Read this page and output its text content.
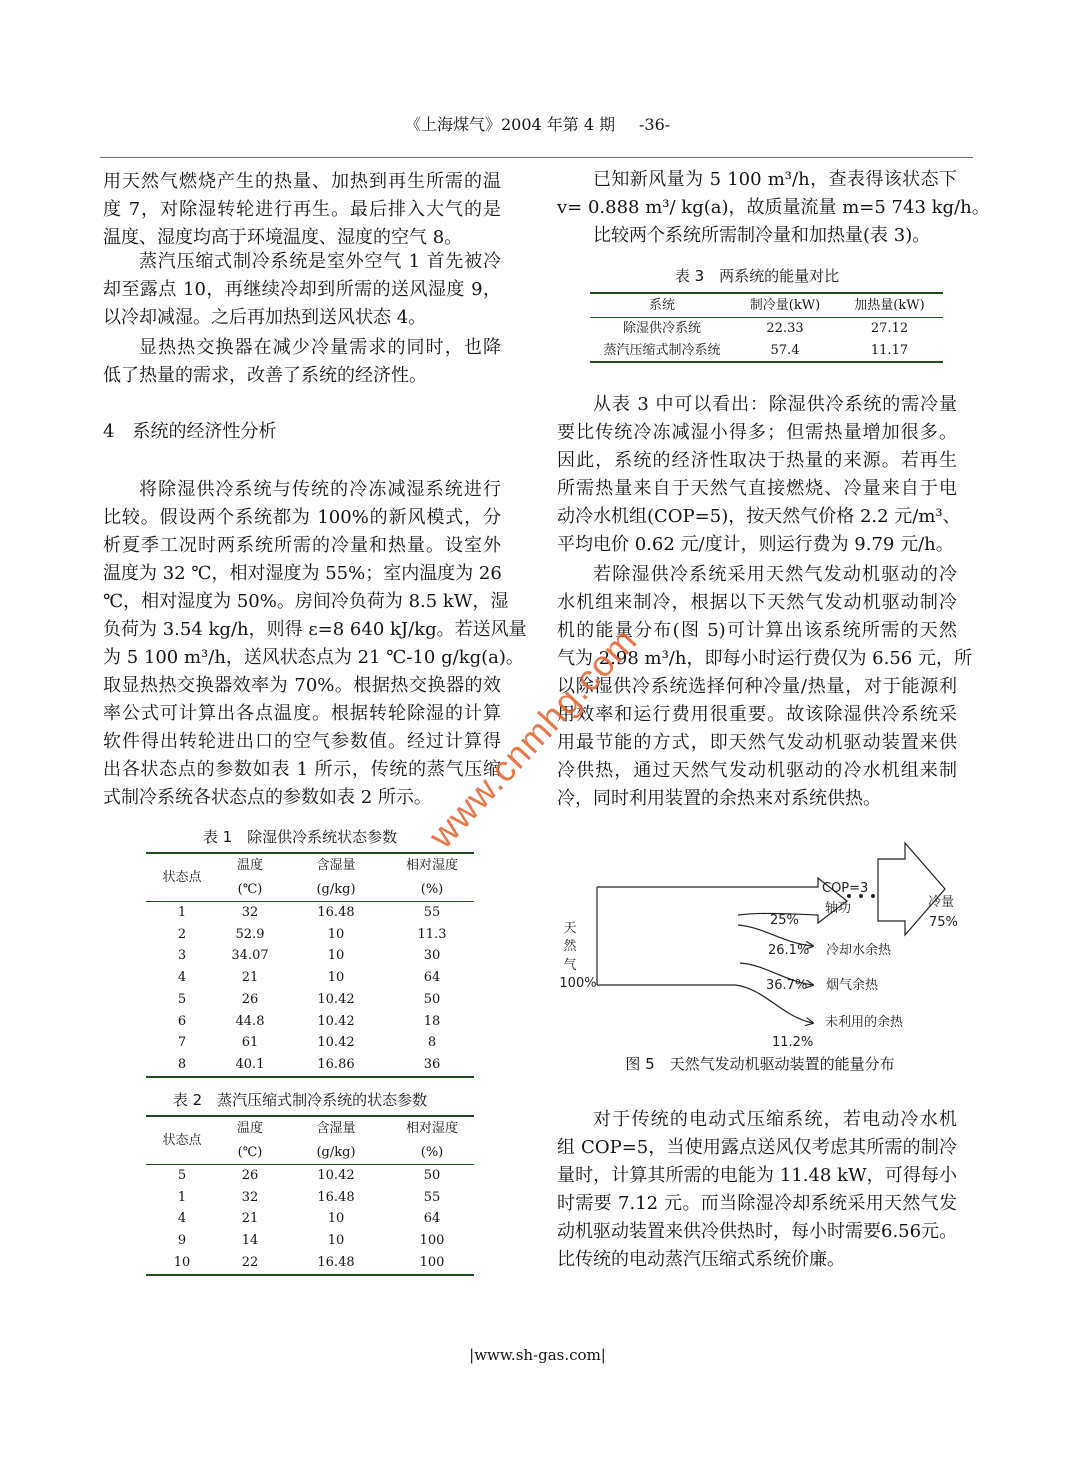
《上海煤气》2004 年第 4 期 -36-
用天然气燃烧产生的热量、加热到再生所需的温
度 7，对除湿转轮进行再生。最后排入大气的是
温度、湿度均高于环境温度、湿度的空气 8。
蒸汽压缩式制冷系统是室外空气 1 首先被冷
却至露点 10，再继续冷却到所需的送风湿度 9，
以冷却减湿。之后再加热到送风状态 4。
显热热交换器在减少冷量需求的同时，也降
低了热量的需求，改善了系统的经济性。
4　系统的经济性分析
将除湿供冷系统与传统的冷冻减湿系统进行
比较。假设两个系统都为 100%的新风模式，分
析夏季工况时两系统所需的冷量和热量。设室外
温度为 32 ℃，相对湿度为 55%；室内温度为 26
℃，相对湿度为 50%。房间冷负荷为 8.5 kW，湿
负荷为 3.54 kg/h，则得 ε=8 640 kJ/kg。若送风量
为 5 100 m³/h，送风状态点为 21 ℃-10 g/kg(a)。
取显热热交换器效率为 70%。根据热交换器的效
率公式可计算出各点温度。根据转轮除湿的计算
软件得出转轮进出口的空气参数值。经过计算得
出各状态点的参数如表 1 所示，传统的蒸气压缩
式制冷系统各状态点的参数如表 2 所示。
表 1　除湿供冷系统状态参数
状态点	温度	含湿量	相对湿度
	(℃)	(g/kg)	(%)
1	32	16.48	55
2	52.9	10	11.3
3	34.07	10	30
4	21	10	64
5	26	10.42	50
6	44.8	10.42	18
7	61	10.42	8
8	40.1	16.86	36
表 2　蒸汽压缩式制冷系统的状态参数
状态点	温度	含湿量	相对湿度
	(℃)	(g/kg)	(%)
5	26	10.42	50
1	32	16.48	55
4	21	10	64
9	14	10	100
10	22	16.48	100
已知新风量为 5 100 m³/h，查表得该状态下
v= 0.888 m³/ kg(a)，故质量流量 m=5 743 kg/h。
比较两个系统所需制冷量和加热量(表 3)。
表 3　两系统的能量对比
系统	制冷量(kW)	加热量(kW)
除湿供冷系统	22.33	27.12
蒸汽压缩式制冷系统	57.4	11.17
从表 3 中可以看出：除湿供冷系统的需冷量
要比传统冷冻减湿小得多；但需热量增加很多。
因此，系统的经济性取决于热量的来源。若再生
所需热量来自于天然气直接燃烧、冷量来自于电
动冷水机组(COP=5)，按天然气价格 2.2 元/m³、
平均电价 0.62 元/度计，则运行费为 9.79 元/h。
若除湿供冷系统采用天然气发动机驱动的冷
水机组来制冷，根据以下天然气发动机驱动制冷
机的能量分布(图 5)可计算出该系统所需的天然
气为 2.98 m³/h，即每小时运行费仅为 6.56 元，所
以除湿供冷系统选择何种冷量/热量，对于能源利
用效率和运行费用很重要。故该除湿供冷系统采
用最节能的方式，即天然气发动机驱动装置来供
冷供热，通过天然气发动机驱动的冷水机组来制
冷，同时利用装置的余热来对系统供热。
天
然
气
100%
COP=3
轴功	冷量
75%
25%
26.1% 冷却水余热
36.7% 烟气余热
未利用的余热
11.2%
图 5　天然气发动机驱动装置的能量分布
对于传统的电动式压缩系统，若电动冷水机
组 COP=5，当使用露点送风仅考虑其所需的制冷
量时，计算其所需的电能为 11.48 kW，可得每小
时需要 7.12 元。而当除湿冷却系统采用天然气发
动机驱动装置来供冷供热时，每小时需要6.56元。
比传统的电动蒸汽压缩式系统价廉。
|www.sh-gas.com|
www.cnmhg.com
